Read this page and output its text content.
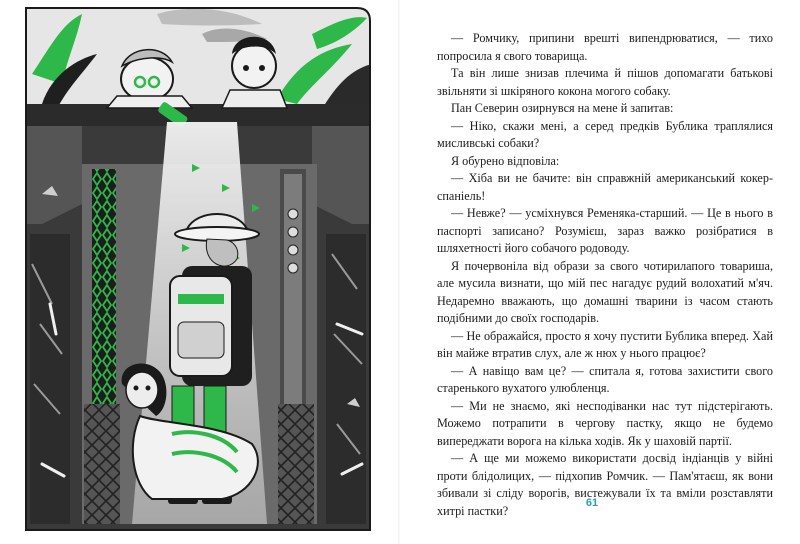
— Ромчику, припини врешті випендрюватися, — тихо попросила я свого товарища.

Та він лише знизав плечима й пішов допомагати батькові звільняти зі шкіряного кокона могого собаку.

Пан Северин озирнувся на мене й запитав:

— Ніко, скажи мені, а серед предків Бублика траплялися мисливські собаки?

Я обурено відповіла:

— Хіба ви не бачите: він справжній американський кокер-спаніель!

— Невже? — усміхнувся Ременяка-старший. — Це в нього в паспорті записано? Розумієш, зараз важко розібратися в шляхетності його собачого родоводу.

Я почервоніла від образи за свого чотирилапого товариша, але мусила визнати, що мій пес нагадує рудий волохатий м'яч. Недаремно вважають, що домашні тварини із часом стають подібними до своїх господарів.

— Не ображайся, просто я хочу пустити Бублика вперед. Хай він майже втратив слух, але ж нюх у нього працює?

— А навіщо вам це? — спитала я, готова захистити свого старенького вухатого улюбленця.

— Ми не знаємо, які несподіванки нас тут підстерігають. Можемо потрапити в чергову пастку, якщо не будемо випереджати ворога на кілька ходів. Як у шаховій партії.

— А ще ми можемо використати досвід індіанців у війні проти блідолицих, — підхопив Ромчик. — Пам'ятаєш, як вони збивали зі сліду ворогів, вистежували їх та вміли розставляти хитрі пастки?

61
